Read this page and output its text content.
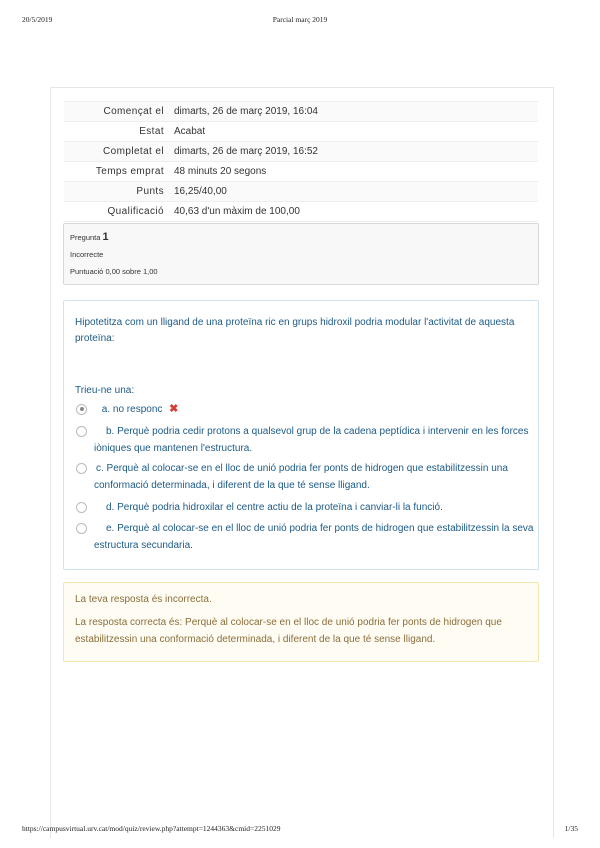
20/5/2019	Parcial març 2019
Començat el	dimarts, 26 de març 2019, 16:04
Estat	Acabat
Completat el	dimarts, 26 de març 2019, 16:52
Temps emprat	48 minuts 20 segons
Punts	16,25/40,00
Qualificació	40,63 d'un màxim de 100,00
Pregunta 1
Incorrecte
Puntuació 0,00 sobre 1,00
Hipotetitza com un lligand de una proteïna ric en grups hidroxil podria modular l'activitat de aquesta proteïna:
Trieu-ne una:
a. no responc ✖
b. Perquè podria cedir protons a qualsevol grup de la cadena peptídica i intervenir en les forces iòniques que mantenen l'estructura.
c. Perquè al colocar-se en el lloc de unió podria fer ponts de hidrogen que estabilitzessin una conformació determinada, i diferent de la que té sense lligand.
d. Perquè podria hidroxilar el centre actiu de la proteïna i canviar-li la funció.
e. Perquè al colocar-se en el lloc de unió podria fer ponts de hidrogen que estabilitzessin la seva estructura secundaria.
La teva resposta és incorrecta.
La resposta correcta és: Perquè al colocar-se en el lloc de unió podria fer ponts de hidrogen que estabilitzessin una conformació determinada, i diferent de la que té sense lligand.
https://campusvirtual.urv.cat/mod/quiz/review.php?attempt=1244363&cmid=2251029	1/35
